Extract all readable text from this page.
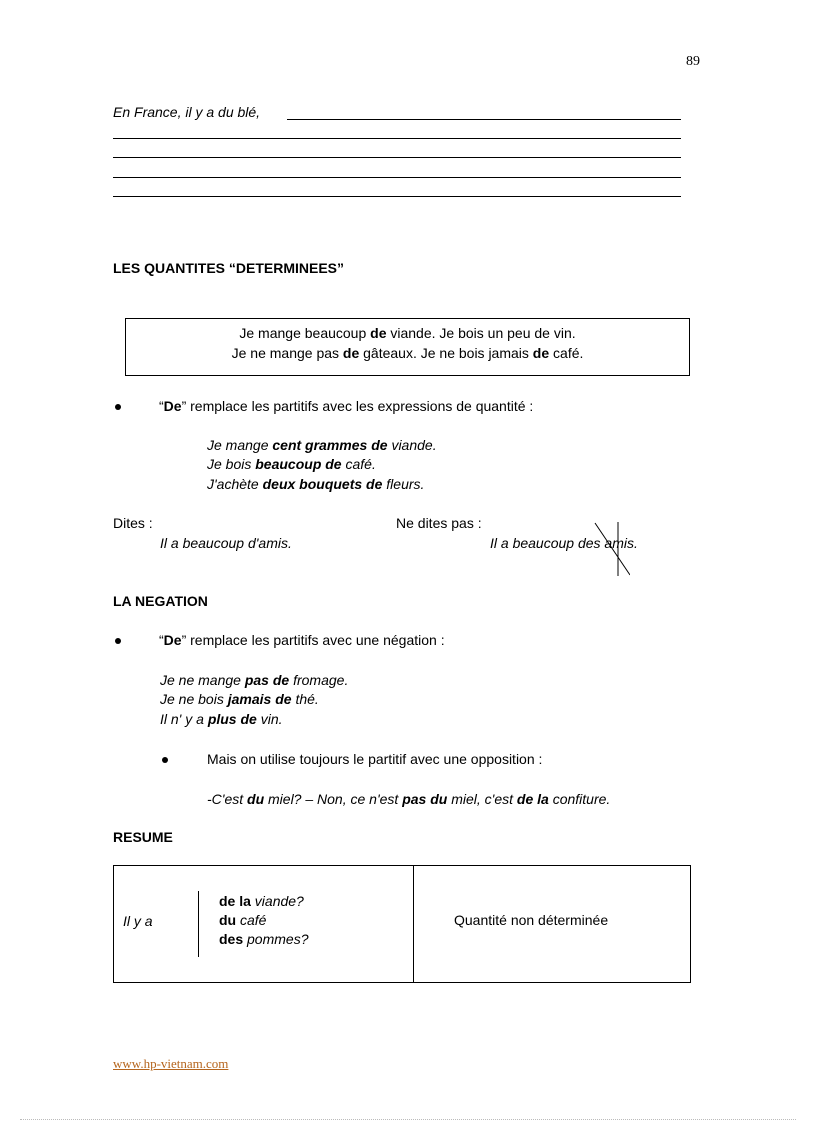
89
En France, il y a du blé,
LES QUANTITES “DETERMINEES”
Je mange beaucoup de viande. Je bois un peu de vin.
Je ne mange pas de gâteaux. Je ne bois jamais de café.
“De” remplace les partitifs avec les expressions de quantité :
Je mange cent grammes de viande.
Je bois beaucoup de café.
J'achète deux bouquets de fleurs.
Dites :
Il a beaucoup d'amis.
Ne dites pas :
Il a beaucoup des amis.
LA NEGATION
“De” remplace les partitifs avec une négation :
Je ne mange pas de fromage.
Je ne bois jamais de thé.
Il n' y a plus de vin.
Mais on utilise toujours le partitif avec une opposition :
-C'est du miel? – Non, ce n'est pas du miel, c'est de la confiture.
RESUME
Il y a
de la viande?
du café
des pommes?
Quantité non déterminée
www.hp-vietnam.com
